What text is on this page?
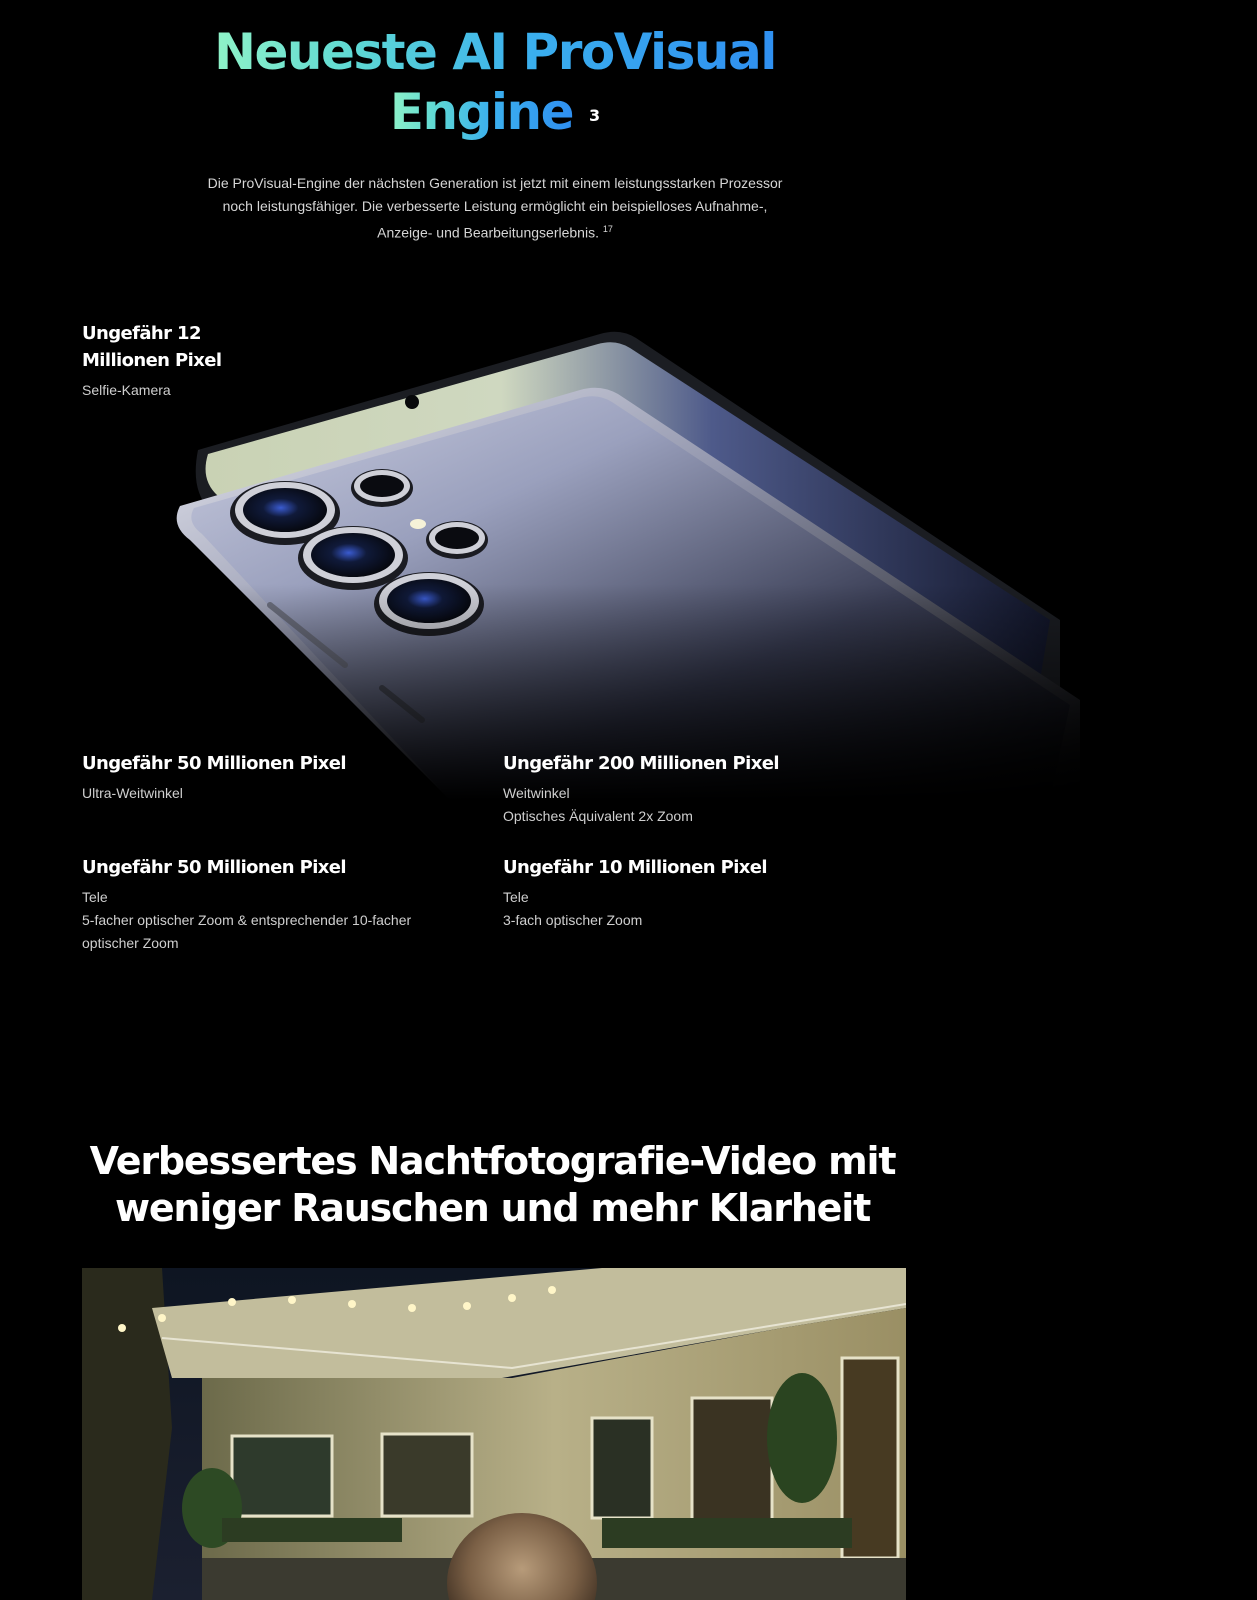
Neueste AI ProVisual
Engine $^3$

Die ProVisual-Engine der nächsten Generation ist jetzt mit einem leistungsstarken Prozessor noch leistungsfähiger. Die verbesserte Leistung ermöglicht ein beispielloses Aufnahme-, Anzeige- und Bearbeitungserlebnis. $^{17}$

Ungefähr 12 Millionen Pixel
Selfie-Kamera
Ungefähr 50 Millionen Pixel
Ultra-Weitwinkel
Ungefähr 200 Millionen Pixel
Weitwinkel
Optisches Äquivalent 2x Zoom
Ungefähr 50 Millionen Pixel
Tele
5-facher optischer Zoom & entsprechender 10-facher optischer Zoom
Ungefähr 10 Millionen Pixel
Tele
3-fach optischer Zoom
Verbessertes Nachtfotografie-Video mit weniger Rauschen und mehr Klarheit
